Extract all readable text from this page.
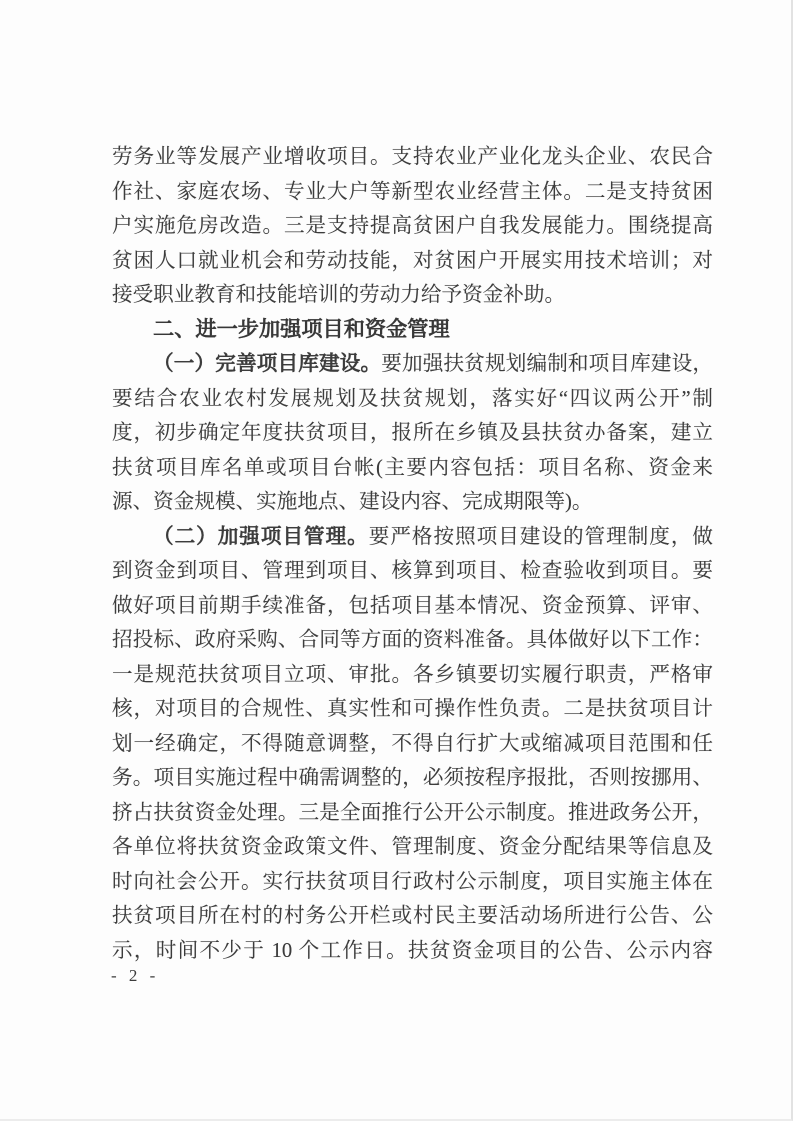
劳务业等发展产业增收项目。支持农业产业化龙头企业、农民合
作社、家庭农场、专业大户等新型农业经营主体。二是支持贫困
户实施危房改造。三是支持提高贫困户自我发展能力。围绕提高
贫困人口就业机会和劳动技能，对贫困户开展实用技术培训；对
接受职业教育和技能培训的劳动力给予资金补助。
二、进一步加强项目和资金管理
（一）完善项目库建设。要加强扶贫规划编制和项目库建设，
要结合农业农村发展规划及扶贫规划，落实好“四议两公开”制
度，初步确定年度扶贫项目，报所在乡镇及县扶贫办备案，建立
扶贫项目库名单或项目台帐(主要内容包括：项目名称、资金来
源、资金规模、实施地点、建设内容、完成期限等)。
（二）加强项目管理。要严格按照项目建设的管理制度，做
到资金到项目、管理到项目、核算到项目、检查验收到项目。要
做好项目前期手续准备，包括项目基本情况、资金预算、评审、
招投标、政府采购、合同等方面的资料准备。具体做好以下工作：
一是规范扶贫项目立项、审批。各乡镇要切实履行职责，严格审
核，对项目的合规性、真实性和可操作性负责。二是扶贫项目计
划一经确定，不得随意调整，不得自行扩大或缩减项目范围和任
务。项目实施过程中确需调整的，必须按程序报批，否则按挪用、
挤占扶贫资金处理。三是全面推行公开公示制度。推进政务公开，
各单位将扶贫资金政策文件、管理制度、资金分配结果等信息及
时向社会公开。实行扶贫项目行政村公示制度，项目实施主体在
扶贫项目所在村的村务公开栏或村民主要活动场所进行公告、公
示，时间不少于 10 个工作日。扶贫资金项目的公告、公示内容
- 2 -
